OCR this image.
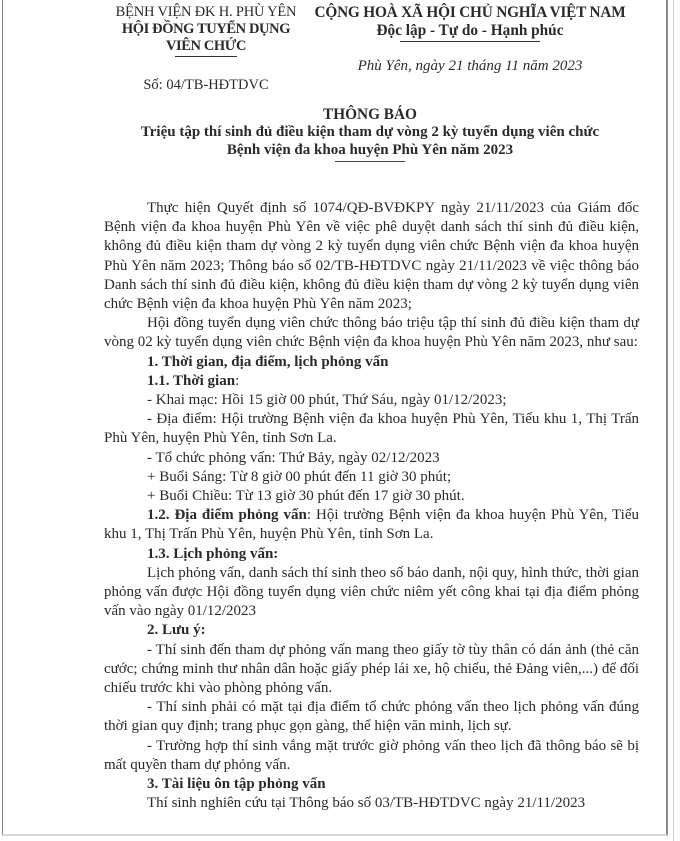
BỆNH VIỆN ĐK H. PHÙ YÊN
HỘI ĐỒNG TUYỂN DỤNG
VIÊN CHỨC
Số: 04/TB-HĐTDVC
CỘNG HOÀ XÃ HỘI CHỦ NGHĨA VIỆT NAM
Độc lập - Tự do - Hạnh phúc
Phù Yên, ngày 21 tháng 11 năm 2023
THÔNG BÁO
Triệu tập thí sinh đủ điều kiện tham dự vòng 2 kỳ tuyển dụng viên chức
Bệnh viện đa khoa huyện Phù Yên năm 2023

Thực hiện Quyết định số 1074/QĐ-BVĐKPY ngày 21/11/2023 của Giám đốc Bệnh viện đa khoa huyện Phù Yên về việc phê duyệt danh sách thí sinh đủ điều kiện, không đủ điều kiện tham dự vòng 2 kỳ tuyển dụng viên chức Bệnh viện đa khoa huyện Phù Yên năm 2023; Thông báo số 02/TB-HĐTDVC ngày 21/11/2023 về việc thông báo Danh sách thí sinh đủ điều kiện, không đủ điều kiện tham dự vòng 2 kỳ tuyển dụng viên chức Bệnh viện đa khoa huyện Phù Yên năm 2023;

Hội đồng tuyển dụng viên chức thông báo triệu tập thí sinh đủ điều kiện tham dự vòng 02 kỳ tuyển dụng viên chức Bệnh viện đa khoa huyện Phù Yên năm 2023, như sau:

1. Thời gian, địa điểm, lịch phỏng vấn

1.1. Thời gian:

- Khai mạc: Hồi 15 giờ 00 phút, Thứ Sáu, ngày 01/12/2023;

- Địa điểm: Hội trường Bệnh viện đa khoa huyện Phù Yên, Tiểu khu 1, Thị Trấn Phù Yên, huyện Phù Yên, tỉnh Sơn La.

- Tổ chức phỏng vấn: Thứ Bảy, ngày 02/12/2023

+ Buổi Sáng: Từ 8 giờ 00 phút đến 11 giờ 30 phút;

+ Buổi Chiều: Từ 13 giờ 30 phút đến 17 giờ 30 phút.

1.2. Địa điểm phỏng vấn: Hội trường Bệnh viện đa khoa huyện Phù Yên, Tiểu khu 1, Thị Trấn Phù Yên, huyện Phù Yên, tỉnh Sơn La.

1.3. Lịch phỏng vấn:

Lịch phỏng vấn, danh sách thí sinh theo số báo danh, nội quy, hình thức, thời gian phỏng vấn được Hội đồng tuyển dụng viên chức niêm yết công khai tại địa điểm phỏng vấn vào ngày 01/12/2023

2. Lưu ý:

- Thí sinh đến tham dự phỏng vấn mang theo giấy tờ tùy thân có dán ảnh (thẻ căn cước; chứng minh thư nhân dân hoặc giấy phép lái xe, hộ chiếu, thẻ Đảng viên,...) để đối chiếu trước khi vào phòng phỏng vấn.

- Thí sinh phải có mặt tại địa điểm tổ chức phỏng vấn theo lịch phỏng vấn đúng thời gian quy định; trang phục gọn gàng, thể hiện văn minh, lịch sự.

- Trường hợp thí sinh vắng mặt trước giờ phỏng vấn theo lịch đã thông báo sẽ bị mất quyền tham dự phỏng vấn.

3. Tài liệu ôn tập phỏng vấn

Thí sinh nghiên cứu tại Thông báo số 03/TB-HĐTDVC ngày 21/11/2023
